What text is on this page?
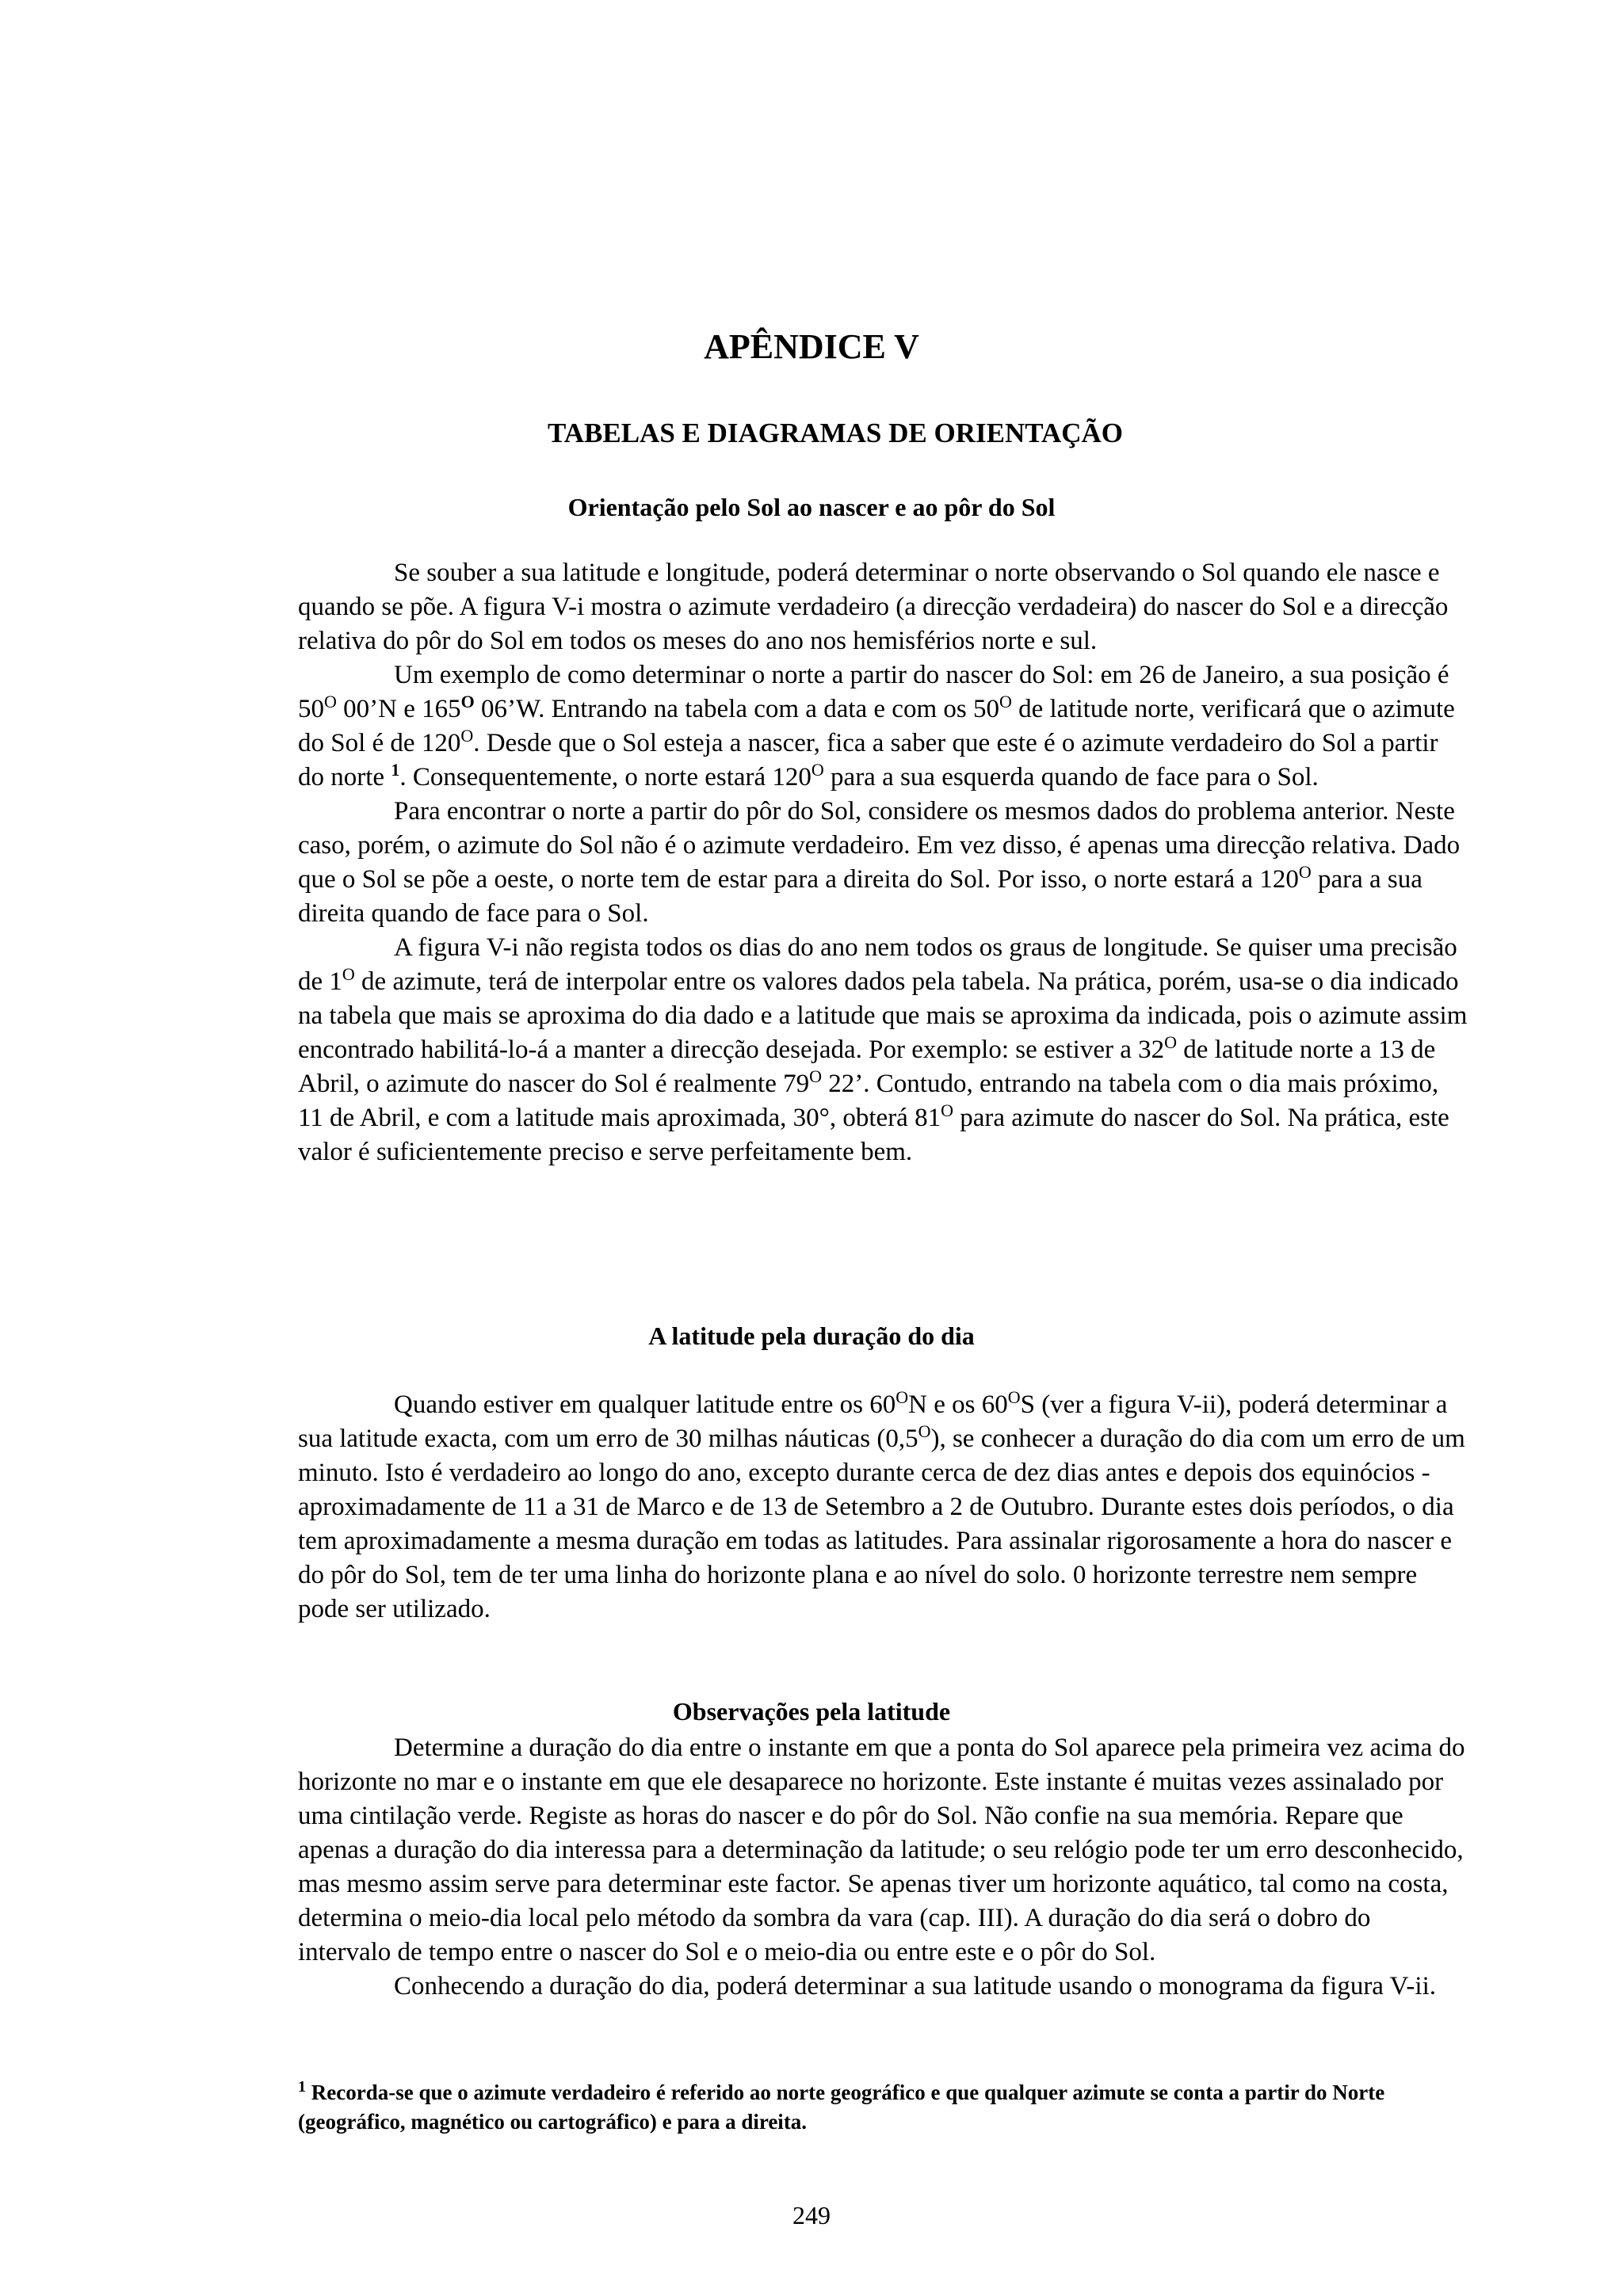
APÊNDICE V
TABELAS E DIAGRAMAS DE ORIENTAÇÃO
Orientação pelo Sol ao nascer e ao pôr do Sol

Se souber a sua latitude e longitude, poderá determinar o norte observando o Sol quando ele nasce e quando se põe. A figura V-i mostra o azimute verdadeiro (a direcção verdadeira) do nascer do Sol e a direcção relativa do pôr do Sol em todos os meses do ano nos hemisférios norte e sul.

Um exemplo de como determinar o norte a partir do nascer do Sol: em 26 de Janeiro, a sua posição é $50^O$ 00’N e $165^O$ 06’W. Entrando na tabela com a data e com os $50^O$ de latitude norte, verificará que o azimute do Sol é de $120^O$. Desde que o Sol esteja a nascer, fica a saber que este é o azimute verdadeiro do Sol a partir do norte $^1$. Consequentemente, o norte estará $120^O$ para a sua esquerda quando de face para o Sol.

Para encontrar o norte a partir do pôr do Sol, considere os mesmos dados do problema anterior. Neste caso, porém, o azimute do Sol não é o azimute verdadeiro. Em vez disso, é apenas uma direcção relativa. Dado que o Sol se põe a oeste, o norte tem de estar para a direita do Sol. Por isso, o norte estará a $120^O$ para a sua direita quando de face para o Sol.

A figura V-i não regista todos os dias do ano nem todos os graus de longitude. Se quiser uma precisão de $1^O$ de azimute, terá de interpolar entre os valores dados pela tabela. Na prática, porém, usa-se o dia indicado na tabela que mais se aproxima do dia dado e a latitude que mais se aproxima da indicada, pois o azimute assim encontrado habilitá-lo-á a manter a direcção desejada. Por exemplo: se estiver a $32^O$ de latitude norte a 13 de Abril, o azimute do nascer do Sol é realmente $79^O$ 22’. Contudo, entrando na tabela com o dia mais próximo, 11 de Abril, e com a latitude mais aproximada, 30°, obterá $81^O$ para azimute do nascer do Sol. Na prática, este valor é suficientemente preciso e serve perfeitamente bem.

A latitude pela duração do dia

Quando estiver em qualquer latitude entre os $60^ON$ e os $60^OS$ (ver a figura V-ii), poderá determinar a sua latitude exacta, com um erro de 30 milhas náuticas $(0,5^O)$, se conhecer a duração do dia com um erro de um minuto. Isto é verdadeiro ao longo do ano, excepto durante cerca de dez dias antes e depois dos equinócios - aproximadamente de 11 a 31 de Marco e de 13 de Setembro a 2 de Outubro. Durante estes dois períodos, o dia tem aproximadamente a mesma duração em todas as latitudes. Para assinalar rigorosamente a hora do nascer e do pôr do Sol, tem de ter uma linha do horizonte plana e ao nível do solo. 0 horizonte terrestre nem sempre pode ser utilizado.

Observações pela latitude

Determine a duração do dia entre o instante em que a ponta do Sol aparece pela primeira vez acima do horizonte no mar e o instante em que ele desaparece no horizonte. Este instante é muitas vezes assinalado por uma cintilação verde. Registe as horas do nascer e do pôr do Sol. Não confie na sua memória. Repare que apenas a duração do dia interessa para a determinação da latitude; o seu relógio pode ter um erro desconhecido, mas mesmo assim serve para determinar este factor. Se apenas tiver um horizonte aquático, tal como na costa, determina o meio-dia local pelo método da sombra da vara (cap. III). A duração do dia será o dobro do intervalo de tempo entre o nascer do Sol e o meio-dia ou entre este e o pôr do Sol.

Conhecendo a duração do dia, poderá determinar a sua latitude usando o monograma da figura V-ii.

$^1$ Recorda-se que o azimute verdadeiro é referido ao norte geográfico e que qualquer azimute se conta a partir do Norte (geográfico, magnético ou cartográfico) e para a direita.
249
